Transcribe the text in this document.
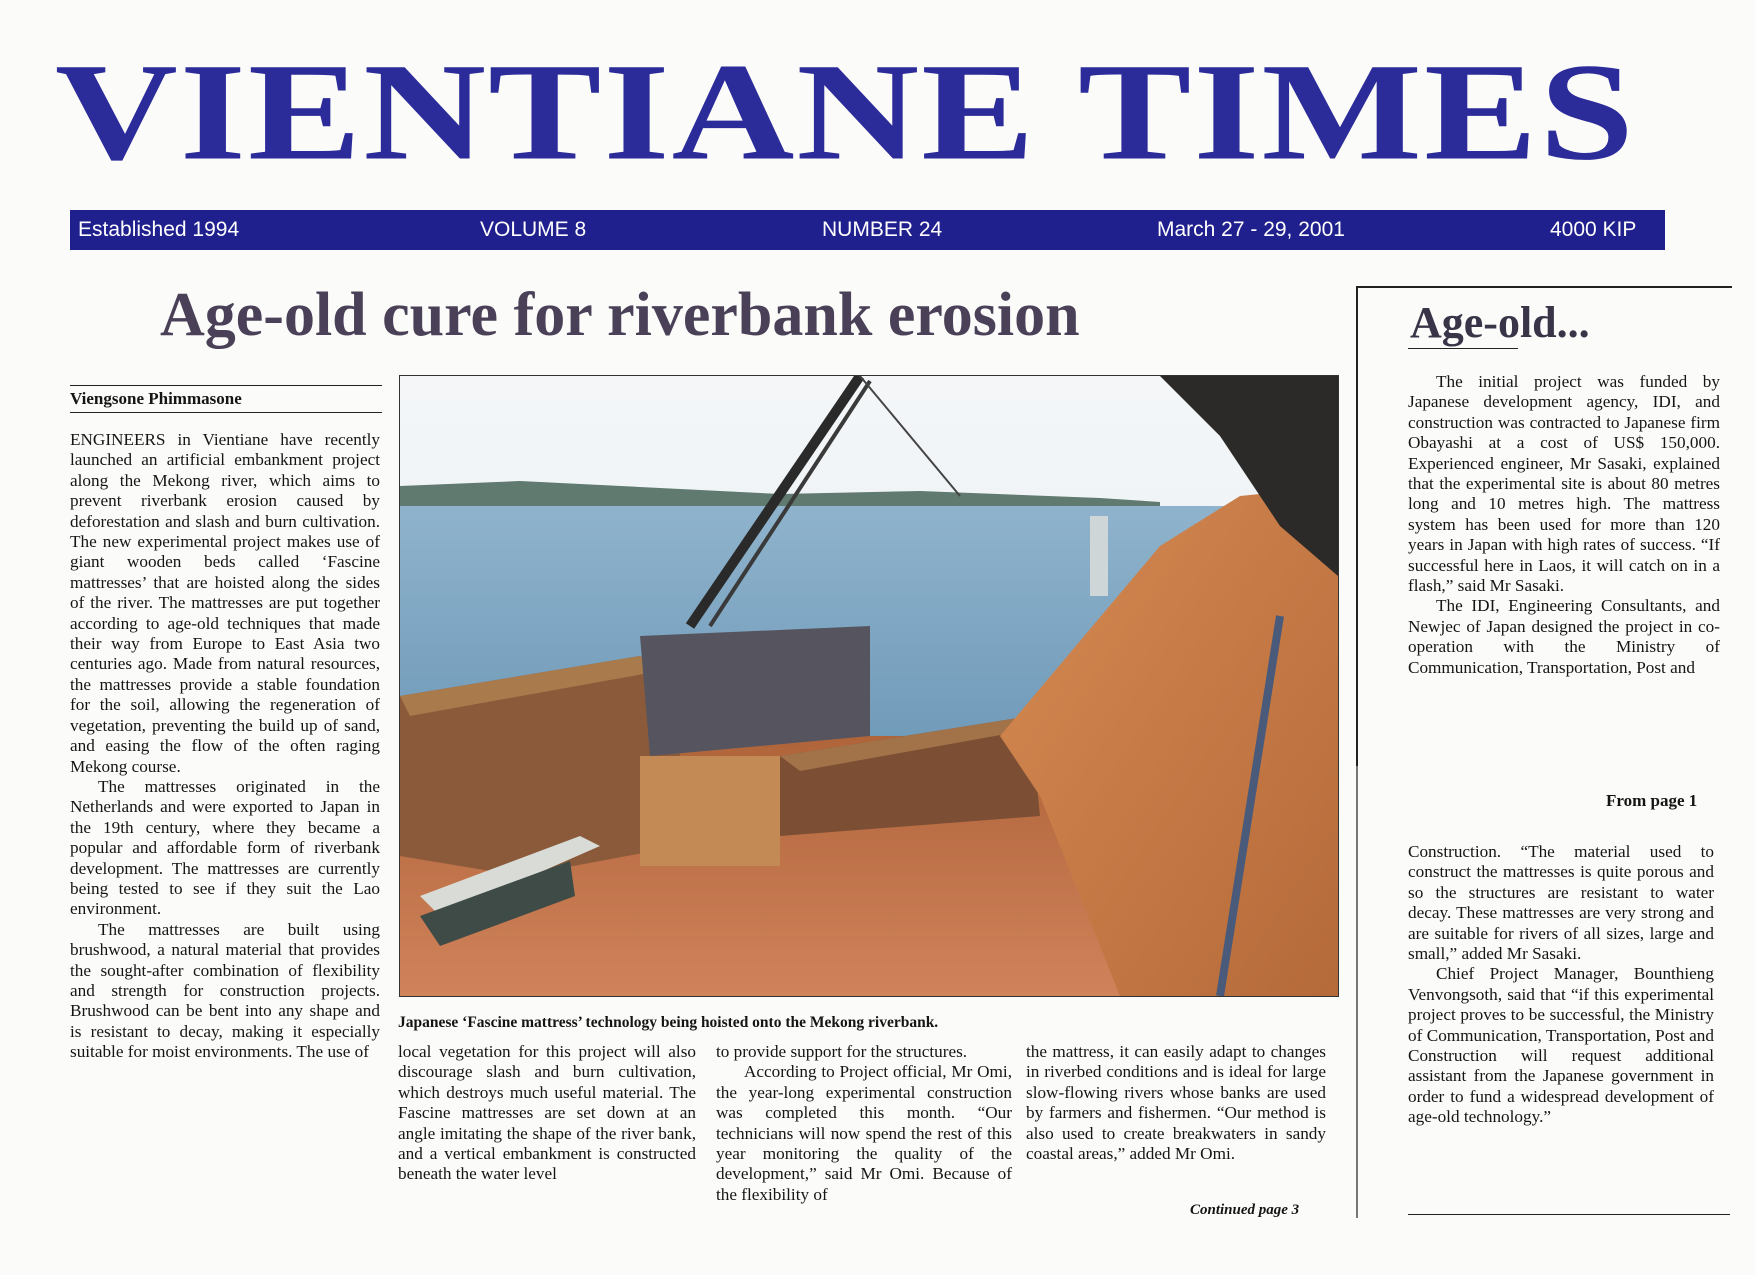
VIENTIANE TIMES
Established 1994	VOLUME 8	NUMBER 24	March 27 - 29, 2001	4000 KIP
Age-old cure for riverbank erosion
Viengsone Phimmasone

ENGINEERS in Vientiane have recently launched an artificial embankment project along the Mekong river, which aims to prevent riverbank erosion caused by deforestation and slash and burn cultivation. The new experimental project makes use of giant wooden beds called ‘Fascine mattresses’ that are hoisted along the sides of the river. The mattresses are put together according to age-old techniques that made their way from Europe to East Asia two centuries ago. Made from natural resources, the mattresses provide a stable foundation for the soil, allowing the regeneration of vegetation, preventing the build up of sand, and easing the flow of the often raging Mekong course.

The mattresses originated in the Netherlands and were exported to Japan in the 19th century, where they became a popular and affordable form of riverbank development. The mattresses are currently being tested to see if they suit the Lao environment.

The mattresses are built using brushwood, a natural material that provides the sought-after combination of flexibility and strength for construction projects. Brushwood can be bent into any shape and is resistant to decay, making it especially suitable for moist environments. The use of

Japanese ‘Fascine mattress’ technology being hoisted onto the Mekong riverbank.

local vegetation for this project will also discourage slash and burn cultivation, which destroys much useful material. The Fascine mattresses are set down at an angle imitating the shape of the river bank, and a vertical embankment is constructed beneath the water level

to provide support for the structures.

According to Project official, Mr Omi, the year-long experimental construction was completed this month. “Our technicians will now spend the rest of this year monitoring the quality of the development,” said Mr Omi. Because of the flexibility of

the mattress, it can easily adapt to changes in riverbed conditions and is ideal for large slow-flowing rivers whose banks are used by farmers and fishermen. “Our method is also used to create breakwaters in sandy coastal areas,” added Mr Omi.

Continued page 3
Age-old...

The initial project was funded by Japanese development agency, IDI, and construction was contracted to Japanese firm Obayashi at a cost of US$ 150,000. Experienced engineer, Mr Sasaki, explained that the experimental site is about 80 metres long and 10 metres high. The mattress system has been used for more than 120 years in Japan with high rates of success. “If successful here in Laos, it will catch on in a flash,” said Mr Sasaki.

The IDI, Engineering Consultants, and Newjec of Japan designed the project in co-operation with the Ministry of Communication, Transportation, Post and

From page 1

Construction. “The material used to construct the mattresses is quite porous and so the structures are resistant to water decay. These mattresses are very strong and are suitable for rivers of all sizes, large and small,” added Mr Sasaki.

Chief Project Manager, Bounthieng Venvongsoth, said that “if this experimental project proves to be successful, the Ministry of Communication, Transportation, Post and Construction will request additional assistant from the Japanese government in order to fund a widespread development of age-old technology.”
